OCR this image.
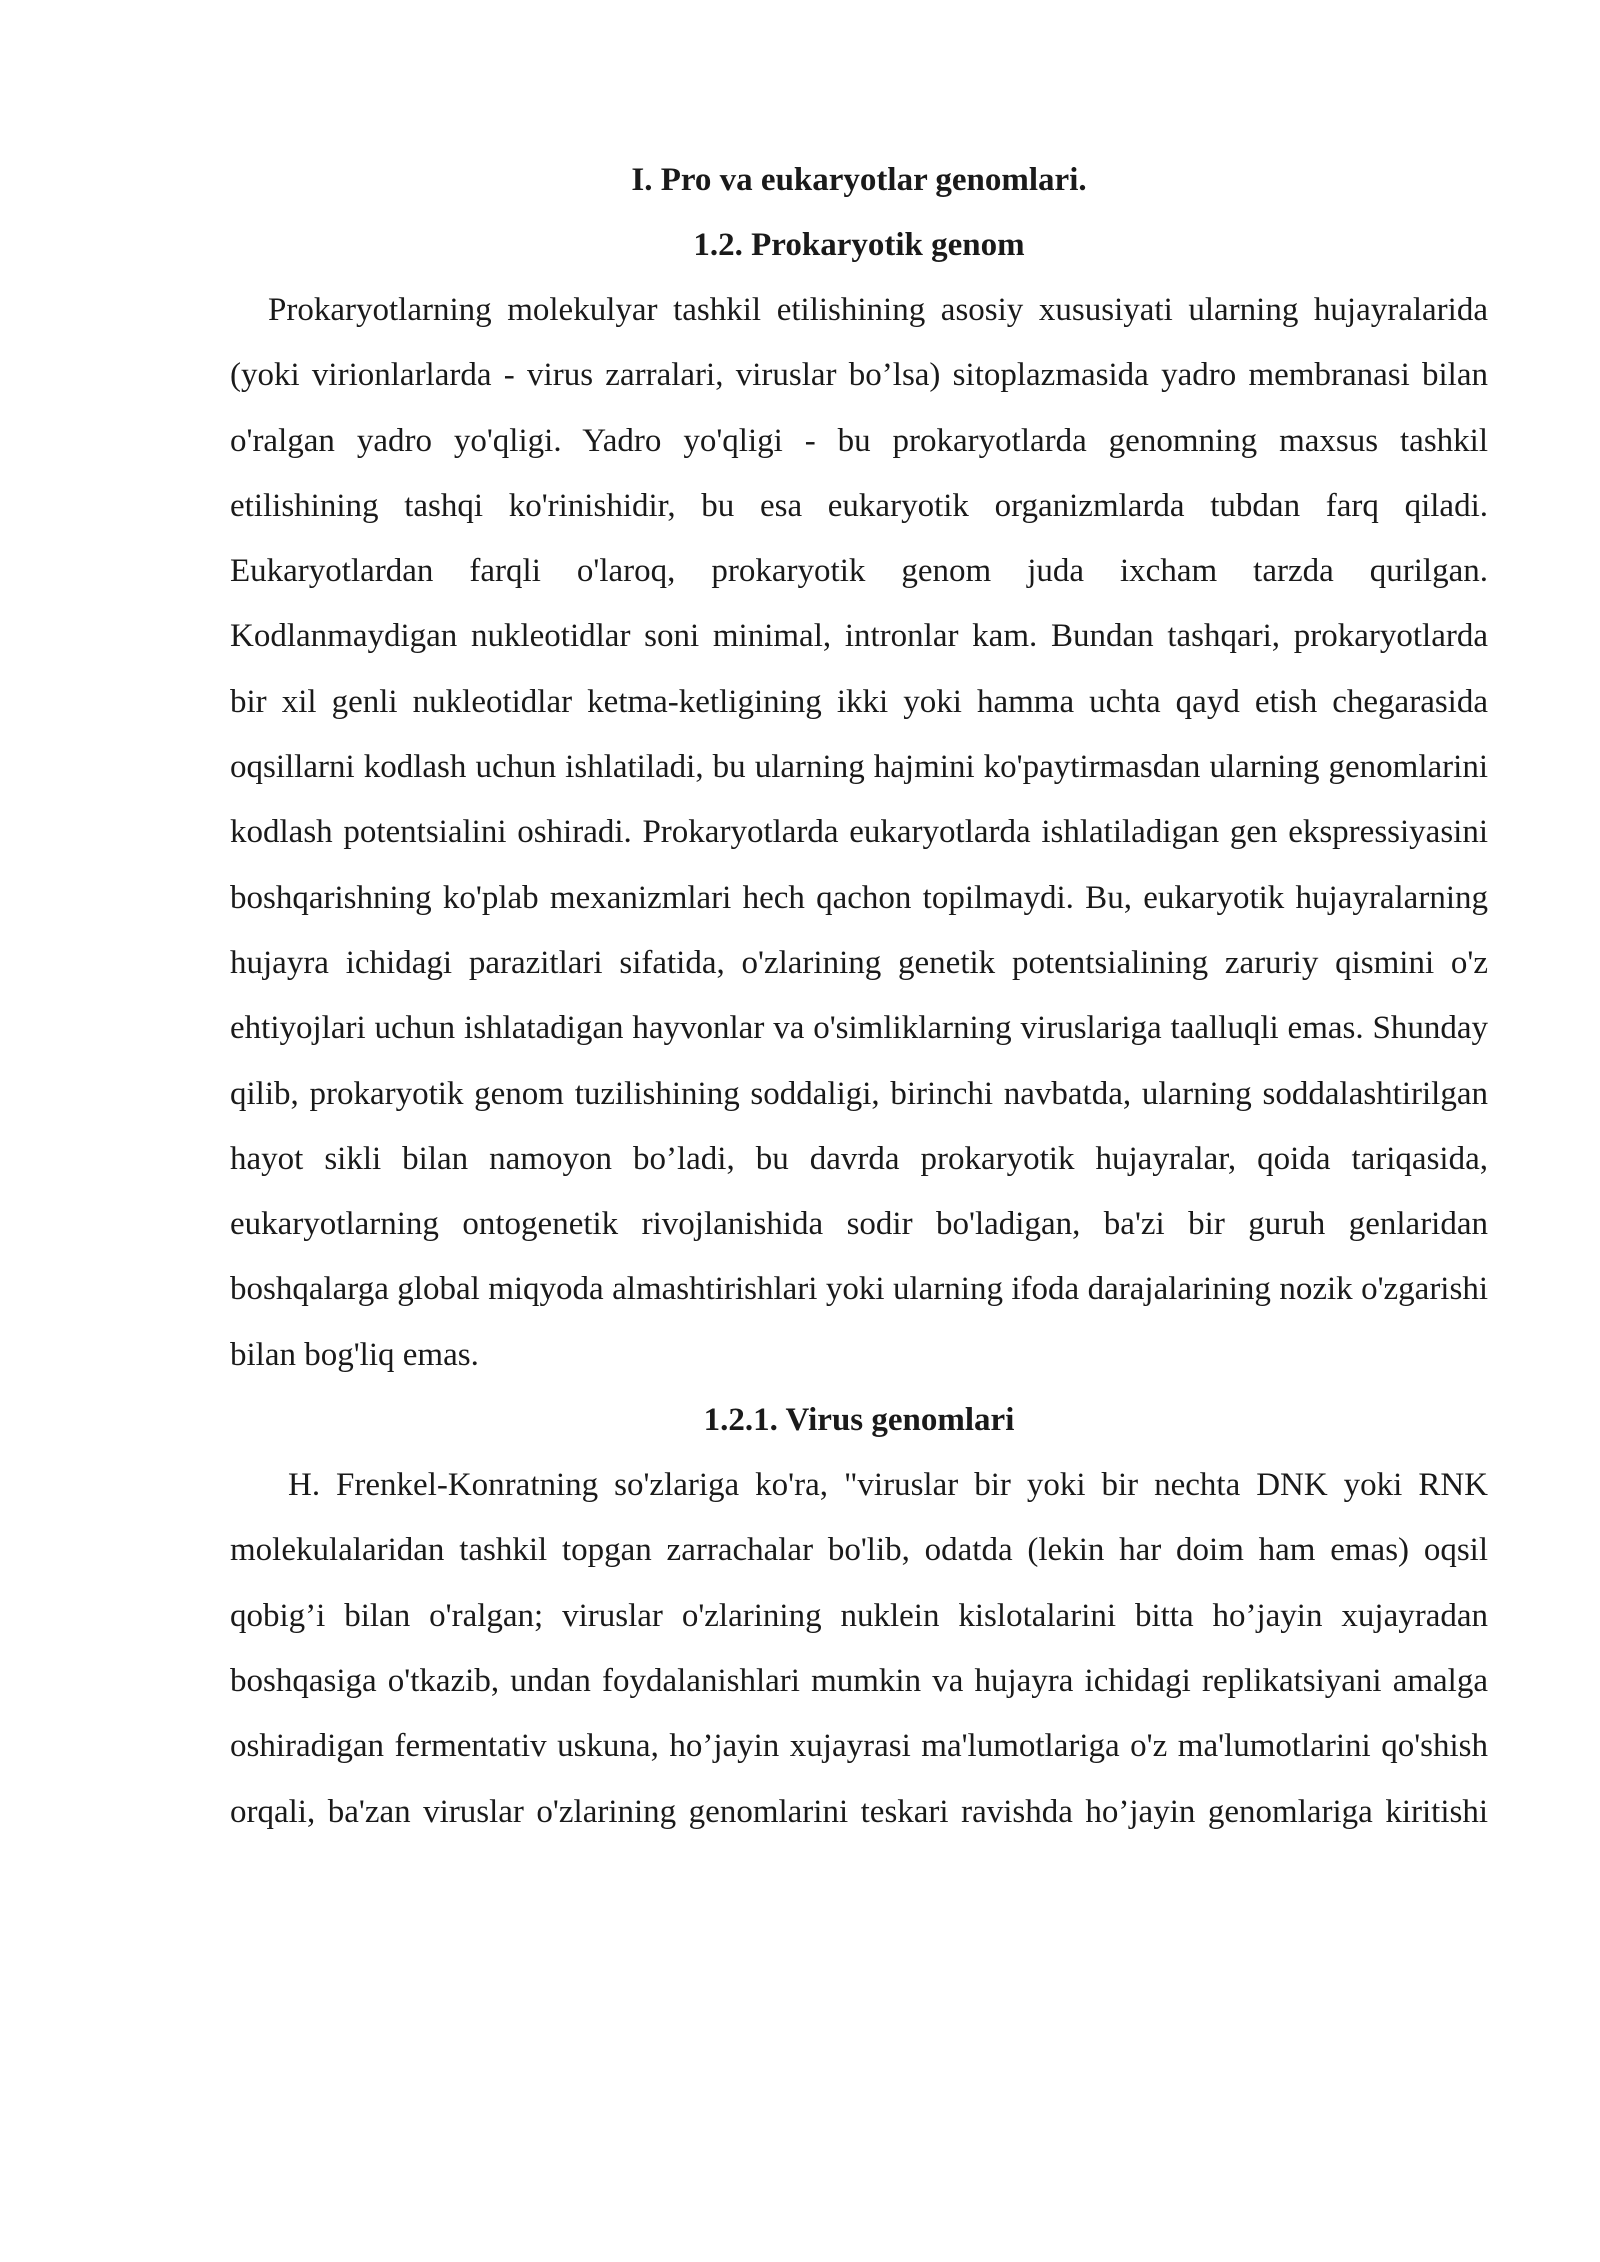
I. Pro va eukaryotlar genomlari.
1.2. Prokaryotik genom

Prokaryotlarning molekulyar tashkil etilishining asosiy xususiyati ularning hujayralarida (yoki virionlarlarda - virus zarralari, viruslar bo’lsa) sitoplazmasida yadro membranasi bilan o'ralgan yadro yo'qligi. Yadro yo'qligi - bu prokaryotlarda genomning maxsus tashkil etilishining tashqi ko'rinishidir, bu esa eukaryotik organizmlarda tubdan farq qiladi. Eukaryotlardan farqli o'laroq, prokaryotik genom juda ixcham tarzda qurilgan. Kodlanmaydigan nukleotidlar soni minimal, intronlar kam. Bundan tashqari, prokaryotlarda bir xil genli nukleotidlar ketma-ketligining ikki yoki hamma uchta qayd etish chegarasida oqsillarni kodlash uchun ishlatiladi, bu ularning hajmini ko'paytirmasdan ularning genomlarini kodlash potentsialini oshiradi. Prokaryotlarda eukaryotlarda ishlatiladigan gen ekspressiyasini boshqarishning ko'plab mexanizmlari hech qachon topilmaydi. Bu, eukaryotik hujayralarning hujayra ichidagi parazitlari sifatida, o'zlarining genetik potentsialining zaruriy qismini o'z ehtiyojlari uchun ishlatadigan hayvonlar va o'simliklarning viruslariga taalluqli emas. Shunday qilib, prokaryotik genom tuzilishining soddaligi, birinchi navbatda, ularning soddalashtirilgan hayot sikli bilan namoyon bo’ladi, bu davrda prokaryotik hujayralar, qoida tariqasida, eukaryotlarning ontogenetik rivojlanishida sodir bo'ladigan, ba'zi bir guruh genlaridan boshqalarga global miqyoda almashtirishlari yoki ularning ifoda darajalarining nozik o'zgarishi bilan bog'liq emas.

1.2.1. Virus genomlari

H. Frenkel-Konratning so'zlariga ko'ra, "viruslar bir yoki bir nechta DNK yoki RNK molekulalaridan tashkil topgan zarrachalar bo'lib, odatda (lekin har doim ham emas) oqsil qobig’i bilan o'ralgan; viruslar o'zlarining nuklein kislotalarini bitta ho’jayin xujayradan boshqasiga o'tkazib, undan foydalanishlari mumkin va hujayra ichidagi replikatsiyani amalga oshiradigan fermentativ uskuna, ho’jayin xujayrasi ma'lumotlariga o'z ma'lumotlarini qo'shish orqali, ba'zan viruslar o'zlarining genomlarini teskari ravishda ho’jayin genomlariga kiritishi
